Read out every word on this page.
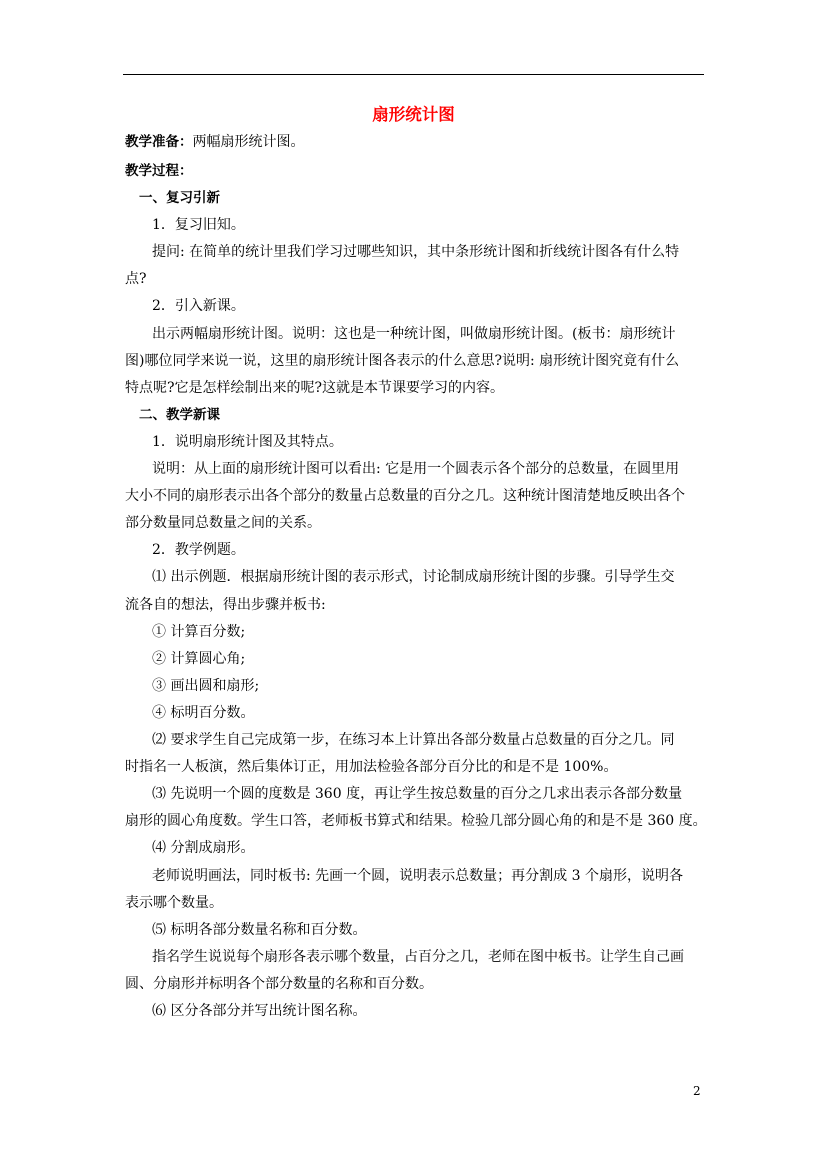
扇形统计图
教学准备：两幅扇形统计图。
教学过程：
一、复习引新
1．复习旧知。
提问: 在简单的统计里我们学习过哪些知识，其中条形统计图和折线统计图各有什么特
点?
2．引入新课。
出示两幅扇形统计图。说明：这也是一种统计图，叫做扇形统计图。(板书：扇形统计
图)哪位同学来说一说，这里的扇形统计图各表示的什么意思?说明: 扇形统计图究竟有什么
特点呢?它是怎样绘制出来的呢?这就是本节课要学习的内容。
二、教学新课
1．说明扇形统计图及其特点。
说明：从上面的扇形统计图可以看出: 它是用一个圆表示各个部分的总数量，在圆里用
大小不同的扇形表示出各个部分的数量占总数量的百分之几。这种统计图清楚地反映出各个
部分数量同总数量之间的关系。
2．教学例题。
⑴ 出示例题．根据扇形统计图的表示形式，讨论制成扇形统计图的步骤。引导学生交
流各自的想法，得出步骤并板书:
① 计算百分数;
② 计算圆心角;
③ 画出圆和扇形;
④ 标明百分数。
⑵ 要求学生自己完成第一步，在练习本上计算出各部分数量占总数量的百分之几。同
时指名一人板演，然后集体订正，用加法检验各部分百分比的和是不是 100%。
⑶ 先说明一个圆的度数是 360 度，再让学生按总数量的百分之几求出表示各部分数量
扇形的圆心角度数。学生口答，老师板书算式和结果。检验几部分圆心角的和是不是 360 度。
⑷ 分割成扇形。
老师说明画法，同时板书: 先画一个圆，说明表示总数量；再分割成 3 个扇形，说明各
表示哪个数量。
⑸ 标明各部分数量名称和百分数。
指名学生说说每个扇形各表示哪个数量，占百分之几，老师在图中板书。让学生自己画
圆、分扇形并标明各个部分数量的名称和百分数。
⑹ 区分各部分并写出统计图名称。
2
